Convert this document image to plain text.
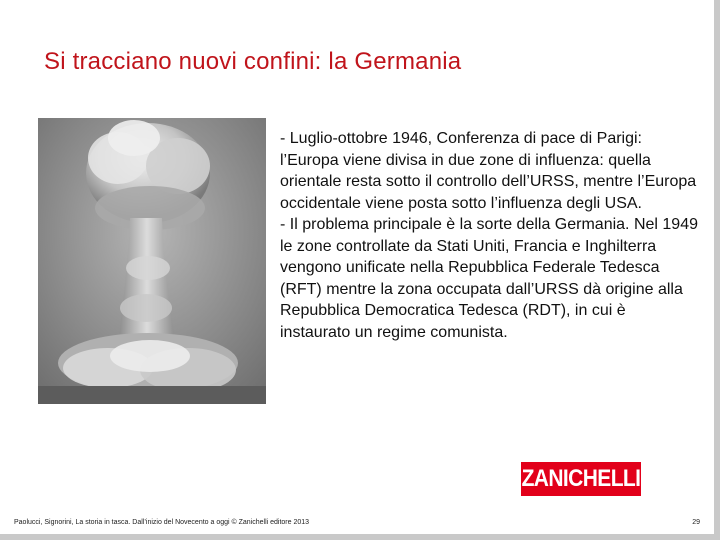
Si tracciano nuovi confini: la Germania

- Luglio-ottobre 1946, Conferenza di pace di Parigi: l’Europa viene divisa in due zone di influenza: quella orientale resta sotto il controllo dell’URSS, mentre l’Europa occidentale viene posta sotto l’influenza degli USA.

- Il problema principale è la sorte della Germania. Nel 1949 le zone controllate da Stati Uniti, Francia e Inghilterra vengono unificate nella Repubblica Federale Tedesca (RFT) mentre la zona occupata dall’URSS dà origine alla Repubblica Democratica Tedesca (RDT), in cui è instaurato un regime comunista.

ZANICHELLI
Paolucci, Signorini, La storia in tasca. Dall’inizio del Novecento a oggi © Zanichelli editore 2013	29
